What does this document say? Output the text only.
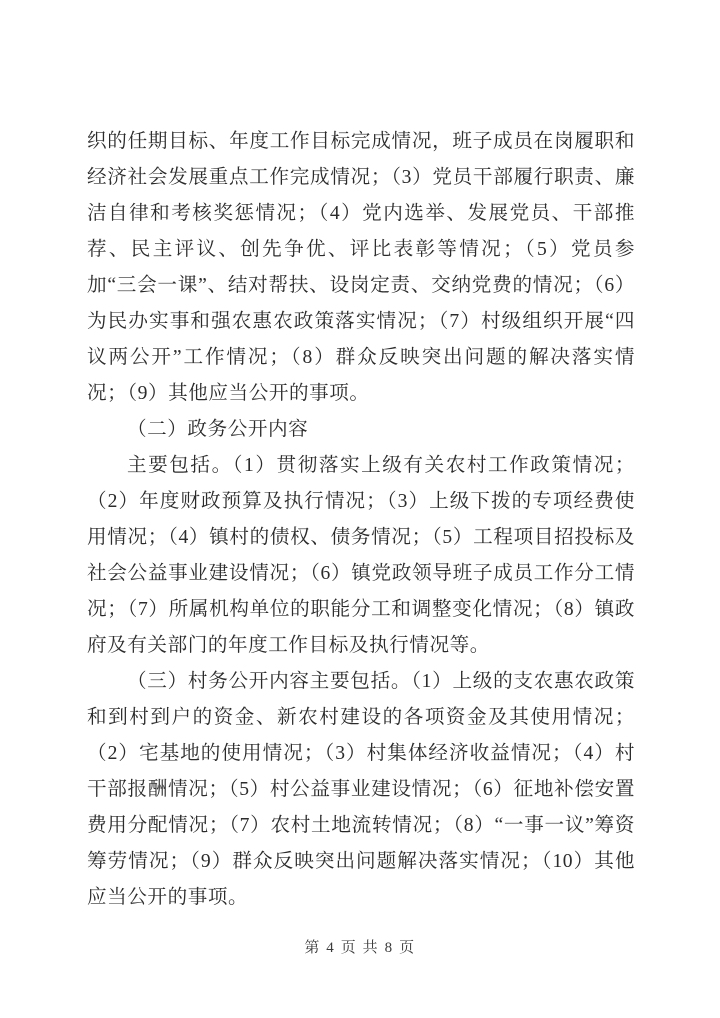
织的任期目标、年度工作目标完成情况，班子成员在岗履职和经济社会发展重点工作完成情况；（3）党员干部履行职责、廉洁自律和考核奖惩情况；（4）党内选举、发展党员、干部推荐、民主评议、创先争优、评比表彰等情况；（5）党员参加“三会一课”、结对帮扶、设岗定责、交纳党费的情况；（6）为民办实事和强农惠农政策落实情况；（7）村级组织开展“四议两公开”工作情况；（8）群众反映突出问题的解决落实情况；（9）其他应当公开的事项。

（二）政务公开内容

主要包括。（1）贯彻落实上级有关农村工作政策情况；（2）年度财政预算及执行情况；（3）上级下拨的专项经费使用情况；（4）镇村的债权、债务情况；（5）工程项目招投标及社会公益事业建设情况；（6）镇党政领导班子成员工作分工情况；（7）所属机构单位的职能分工和调整变化情况；（8）镇政府及有关部门的年度工作目标及执行情况等。

（三）村务公开内容主要包括。（1）上级的支农惠农政策和到村到户的资金、新农村建设的各项资金及其使用情况；（2）宅基地的使用情况；（3）村集体经济收益情况；（4）村干部报酬情况；（5）村公益事业建设情况；（6）征地补偿安置费用分配情况；（7）农村土地流转情况；（8）“一事一议”筹资筹劳情况；（9）群众反映突出问题解决落实情况；（10）其他应当公开的事项。

第 4 页 共 8 页
